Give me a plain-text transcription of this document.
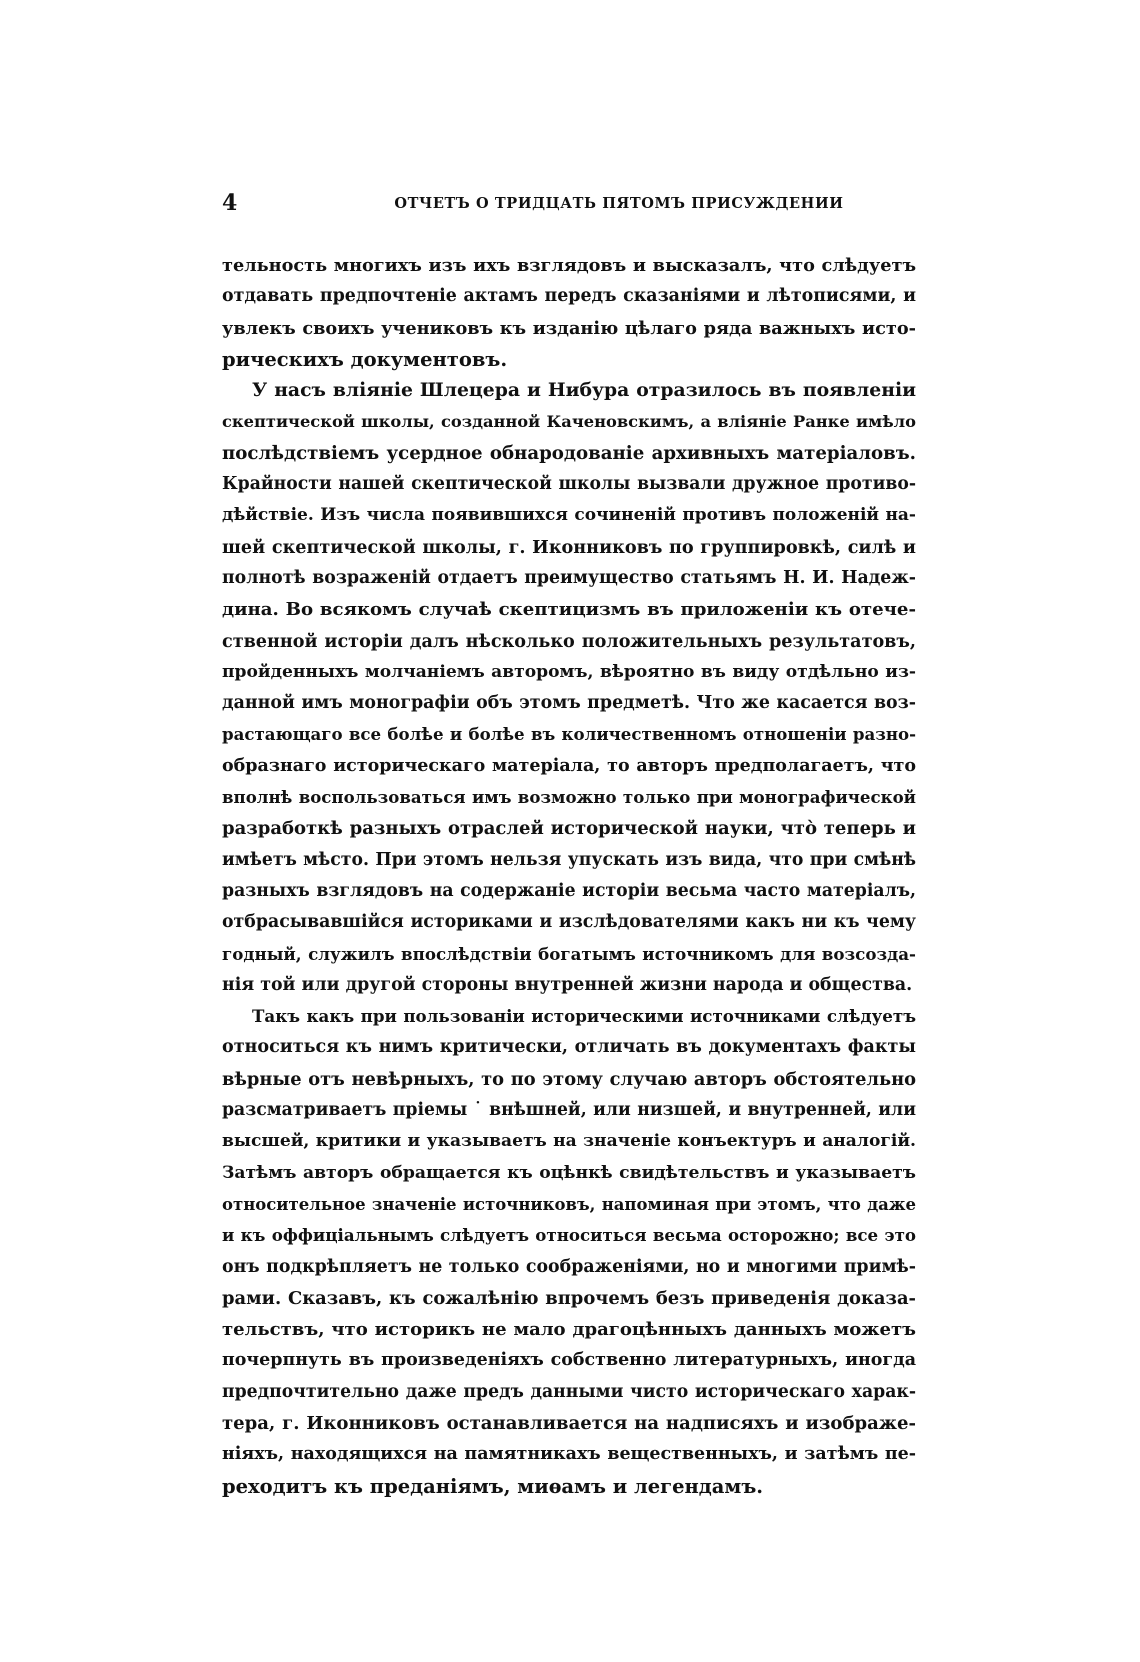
4	ОТЧЕТЪ О ТРИДЦАТЬ ПЯТОМЪ ПРИСУЖДЕНИИ
тельность многихъ изъ ихъ взглядовъ и высказалъ, что слѣдуетъ
отдавать предпочтеніе актамъ передъ сказаніями и лѣтописями, и
увлекъ своихъ учениковъ къ изданію цѣлаго ряда важныхъ исто-
рическихъ документовъ.
У насъ вліяніе Шлецера и Нибура отразилось въ появленіи
скептической школы, созданной Каченовскимъ, а вліяніе Ранке имѣло
послѣдствіемъ усердное обнародованіе архивныхъ матеріаловъ.
Крайности нашей скептической школы вызвали дружное противо-
дѣйствіе. Изъ числа появившихся сочиненій противъ положеній на-
шей скептической школы, г. Иконниковъ по группировкѣ, силѣ и
полнотѣ возраженій отдаетъ преимущество статьямъ Н. И. Надеж-
дина. Во всякомъ случаѣ скептицизмъ въ приложеніи къ отече-
ственной исторіи далъ нѣсколько положительныхъ результатовъ,
пройденныхъ молчаніемъ авторомъ, вѣроятно въ виду отдѣльно из-
данной имъ монографіи объ этомъ предметѣ. Что же касается воз-
растающаго все болѣе и болѣе въ количественномъ отношеніи разно-
образнаго историческаго матеріала, то авторъ предполагаетъ, что
вполнѣ воспользоваться имъ возможно только при монографической
разработкѣ разныхъ отраслей исторической науки, что̀ теперь и
имѣетъ мѣсто. При этомъ нельзя упускать изъ вида, что при смѣнѣ
разныхъ взглядовъ на содержаніе исторіи весьма часто матеріалъ,
отбрасывавшійся историками и изслѣдователями какъ ни къ чему
годный, служилъ впослѣдствіи богатымъ источникомъ для возсозда-
нія той или другой стороны внутренней жизни народа и общества.
Такъ какъ при пользованіи историческими источниками слѣдуетъ
относиться къ нимъ критически, отличать въ документахъ факты
вѣрные отъ невѣрныхъ, то по этому случаю авторъ обстоятельно
разсматриваетъ пріемы ˙ внѣшней, или низшей, и внутренней, или
высшей, критики и указываетъ на значеніе конъектуръ и аналогій.
Затѣмъ авторъ обращается къ оцѣнкѣ свидѣтельствъ и указываетъ
относительное значеніе источниковъ, напоминая при этомъ, что даже
и къ оффиціальнымъ слѣдуетъ относиться весьма осторожно; все это
онъ подкрѣпляетъ не только соображеніями, но и многими примѣ-
рами. Сказавъ, къ сожалѣнію впрочемъ безъ приведенія доказа-
тельствъ, что историкъ не мало драгоцѣнныхъ данныхъ можетъ
почерпнуть въ произведеніяхъ собственно литературныхъ, иногда
предпочтительно даже предъ данными чисто историческаго харак-
тера, г. Иконниковъ останавливается на надписяхъ и изображе-
ніяхъ, находящихся на памятникахъ вещественныхъ, и затѣмъ пе-
реходитъ къ преданіямъ, миѳамъ и легендамъ.
